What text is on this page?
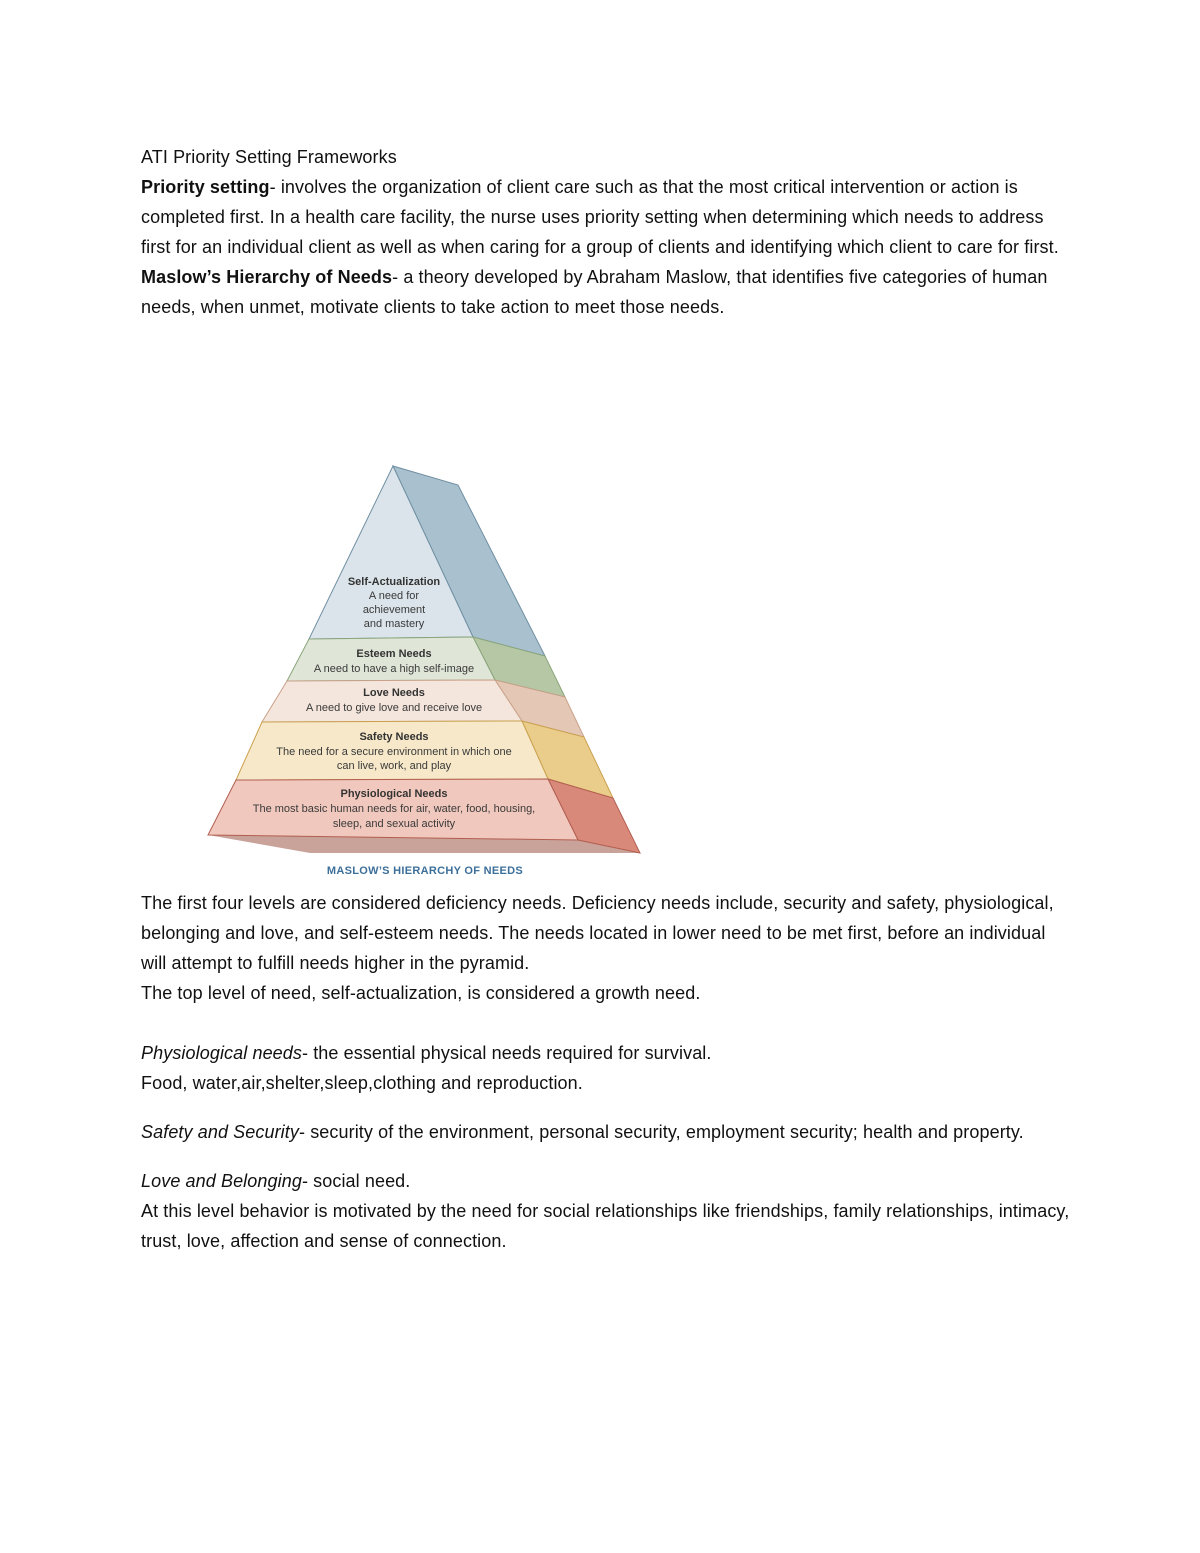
ATI Priority Setting Frameworks

Priority setting- involves the organization of client care such as that the most critical intervention or action is completed first. In a health care facility, the nurse uses priority setting when determining which needs to address first for an individual client as well as when caring for a group of clients and identifying which client to care for first.

Maslow’s Hierarchy of Needs- a theory developed by Abraham Maslow, that identifies five categories of human needs, when unmet, motivate clients to take action to meet those needs.

Self-Actualization
A need for
achievement
and mastery
Esteem Needs
A need to have a high self-image
Love Needs
A need to give love and receive love
Safety Needs
The need for a secure environment in which one
can live, work, and play
Physiological Needs
The most basic human needs for air, water, food, housing,
sleep, and sexual activity
MASLOW’S HIERARCHY OF NEEDS

The first four levels are considered deficiency needs. Deficiency needs include, security and safety, physiological, belonging and love, and self-esteem needs. The needs located in lower need to be met first, before an individual will attempt to fulfill needs higher in the pyramid.

The top level of need, self-actualization, is considered a growth need.

Physiological needs- the essential physical needs required for survival.

Food, water,air,shelter,sleep,clothing and reproduction.

Safety and Security- security of the environment, personal security, employment security; health and property.

Love and Belonging- social need.

At this level behavior is motivated by the need for social relationships like friendships, family relationships, intimacy, trust, love, affection and sense of connection.
